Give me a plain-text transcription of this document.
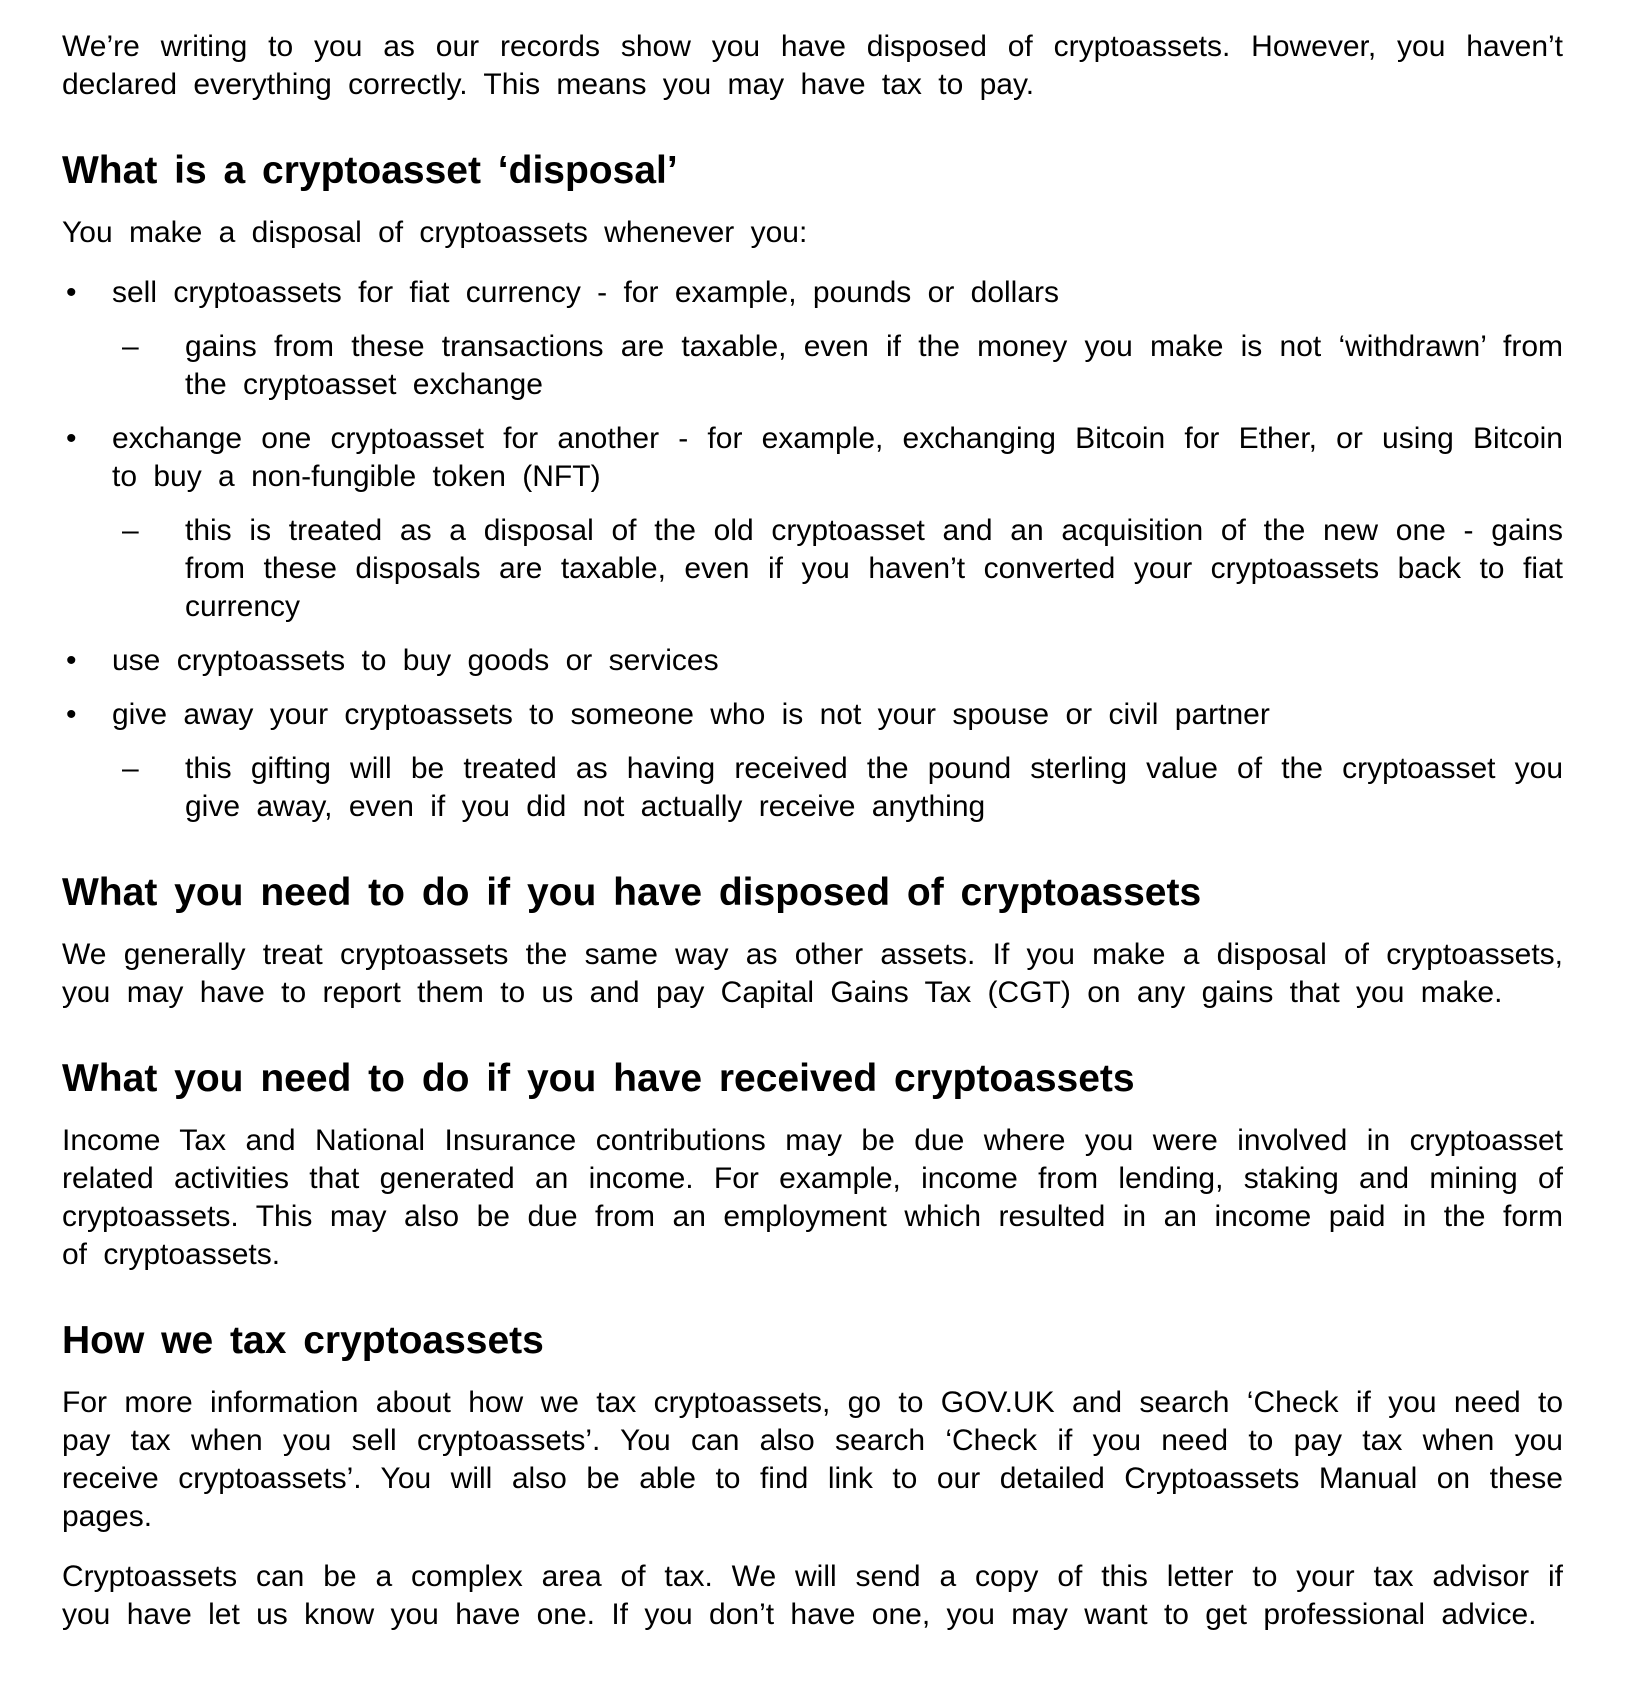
We’re writing to you as our records show you have disposed of cryptoassets. However, you haven’t declared everything correctly. This means you may have tax to pay.

What is a cryptoasset ‘disposal’

You make a disposal of cryptoassets whenever you:

• sell cryptoassets for fiat currency - for example, pounds or dollars
– gains from these transactions are taxable, even if the money you make is not ‘withdrawn’ from the cryptoasset exchange
• exchange one cryptoasset for another - for example, exchanging Bitcoin for Ether, or using Bitcoin to buy a non-fungible token (NFT)
– this is treated as a disposal of the old cryptoasset and an acquisition of the new one - gains from these disposals are taxable, even if you haven’t converted your cryptoassets back to fiat currency
• use cryptoassets to buy goods or services
• give away your cryptoassets to someone who is not your spouse or civil partner
– this gifting will be treated as having received the pound sterling value of the cryptoasset you give away, even if you did not actually receive anything
What you need to do if you have disposed of cryptoassets

We generally treat cryptoassets the same way as other assets. If you make a disposal of cryptoassets, you may have to report them to us and pay Capital Gains Tax (CGT) on any gains that you make.

What you need to do if you have received cryptoassets

Income Tax and National Insurance contributions may be due where you were involved in cryptoasset related activities that generated an income. For example, income from lending, staking and mining of cryptoassets. This may also be due from an employment which resulted in an income paid in the form of cryptoassets.

How we tax cryptoassets

For more information about how we tax cryptoassets, go to GOV.UK and search ‘Check if you need to pay tax when you sell cryptoassets’. You can also search ‘Check if you need to pay tax when you receive cryptoassets’. You will also be able to find link to our detailed Cryptoassets Manual on these pages.

Cryptoassets can be a complex area of tax. We will send a copy of this letter to your tax advisor if you have let us know you have one. If you don’t have one, you may want to get professional advice.
